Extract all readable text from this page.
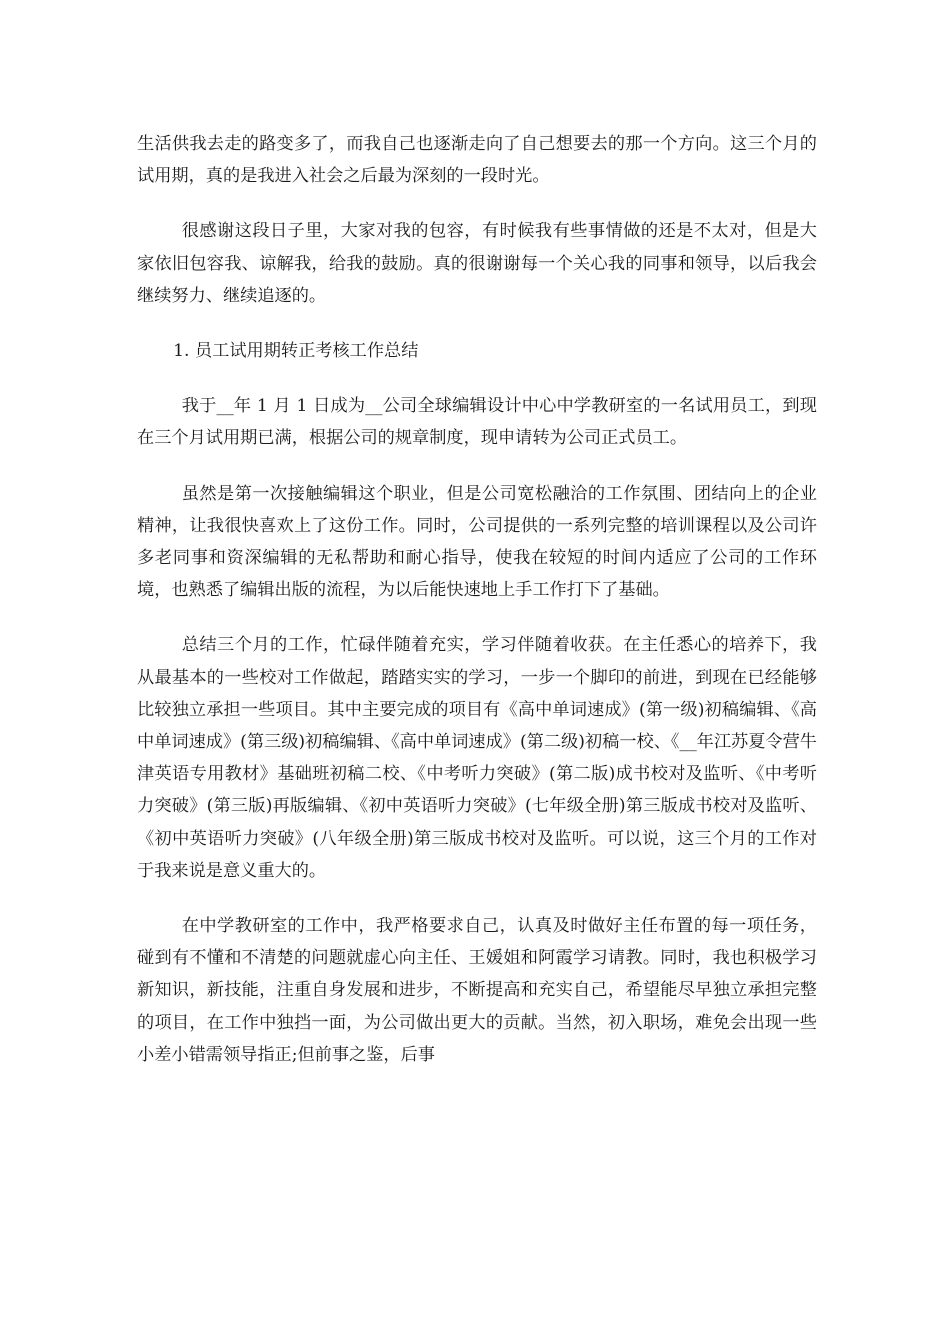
生活供我去走的路变多了，而我自己也逐渐走向了自己想要去的那一个方向。这三个月的试用期，真的是我进入社会之后最为深刻的一段时光。

很感谢这段日子里，大家对我的包容，有时候我有些事情做的还是不太对，但是大家依旧包容我、谅解我，给我的鼓励。真的很谢谢每一个关心我的同事和领导，以后我会继续努力、继续追逐的。

1. 员工试用期转正考核工作总结

我于__年 1 月 1 日成为__公司全球编辑设计中心中学教研室的一名试用员工，到现在三个月试用期已满，根据公司的规章制度，现申请转为公司正式员工。

虽然是第一次接触编辑这个职业，但是公司宽松融洽的工作氛围、团结向上的企业精神，让我很快喜欢上了这份工作。同时，公司提供的一系列完整的培训课程以及公司许多老同事和资深编辑的无私帮助和耐心指导，使我在较短的时间内适应了公司的工作环境，也熟悉了编辑出版的流程，为以后能快速地上手工作打下了基础。

总结三个月的工作，忙碌伴随着充实，学习伴随着收获。在主任悉心的培养下，我从最基本的一些校对工作做起，踏踏实实的学习，一步一个脚印的前进，到现在已经能够比较独立承担一些项目。其中主要完成的项目有《高中单词速成》(第一级)初稿编辑、《高中单词速成》(第三级)初稿编辑、《高中单词速成》(第二级)初稿一校、《__年江苏夏令营牛津英语专用教材》基础班初稿二校、《中考听力突破》(第二版)成书校对及监听、《中考听力突破》(第三版)再版编辑、《初中英语听力突破》(七年级全册)第三版成书校对及监听、《初中英语听力突破》(八年级全册)第三版成书校对及监听。可以说，这三个月的工作对于我来说是意义重大的。

在中学教研室的工作中，我严格要求自己，认真及时做好主任布置的每一项任务，碰到有不懂和不清楚的问题就虚心向主任、王媛姐和阿霞学习请教。同时，我也积极学习新知识，新技能，注重自身发展和进步，不断提高和充实自己，希望能尽早独立承担完整的项目，在工作中独挡一面，为公司做出更大的贡献。当然，初入职场，难免会出现一些小差小错需领导指正;但前事之鉴，后事
